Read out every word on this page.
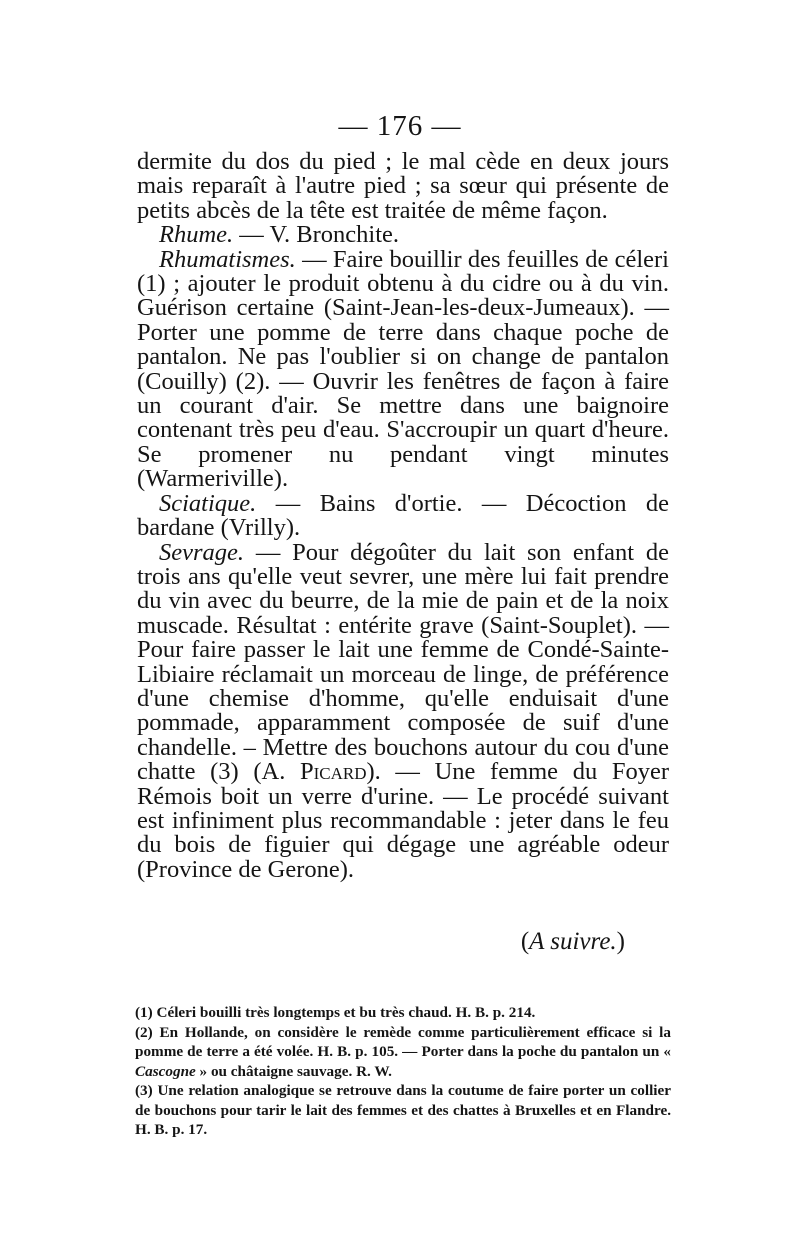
— 176 —

dermite du dos du pied ; le mal cède en deux jours mais reparaît à l'autre pied ; sa sœur qui présente de petits abcès de la tête est traitée de même façon.

Rhume. — V. Bronchite.

Rhumatismes. — Faire bouillir des feuilles de céleri (1) ; ajouter le produit obtenu à du cidre ou à du vin. Guérison certaine (Saint-Jean-les-deux-Jumeaux). — Porter une pomme de terre dans chaque poche de pantalon. Ne pas l'oublier si on change de pantalon (Couilly) (2). — Ouvrir les fenêtres de façon à faire un courant d'air. Se mettre dans une baignoire contenant très peu d'eau. S'accroupir un quart d'heure. Se promener nu pendant vingt minutes (Warmeriville).

Sciatique. — Bains d'ortie. — Décoction de bardane (Vrilly).

Sevrage. — Pour dégoûter du lait son enfant de trois ans qu'elle veut sevrer, une mère lui fait prendre du vin avec du beurre, de la mie de pain et de la noix muscade. Résultat : entérite grave (Saint-Souplet). — Pour faire passer le lait une femme de Condé-Sainte-Libiaire réclamait un morceau de linge, de préférence d'une chemise d'homme, qu'elle enduisait d'une pommade, apparamment composée de suif d'une chandelle. – Mettre des bouchons autour du cou d'une chatte (3) (A. Picard). — Une femme du Foyer Rémois boit un verre d'urine. — Le procédé suivant est infiniment plus recommandable : jeter dans le feu du bois de figuier qui dégage une agréable odeur (Province de Gerone).

(A suivre.)

(1) Céleri bouilli très longtemps et bu très chaud. H. B. p. 214.

(2) En Hollande, on considère le remède comme particulièrement efficace si la pomme de terre a été volée. H. B. p. 105. — Porter dans la poche du pantalon un « Cascogne » ou châtaigne sauvage. R. W.

(3) Une relation analogique se retrouve dans la coutume de faire porter un collier de bouchons pour tarir le lait des femmes et des chattes à Bruxelles et en Flandre. H. B. p. 17.
